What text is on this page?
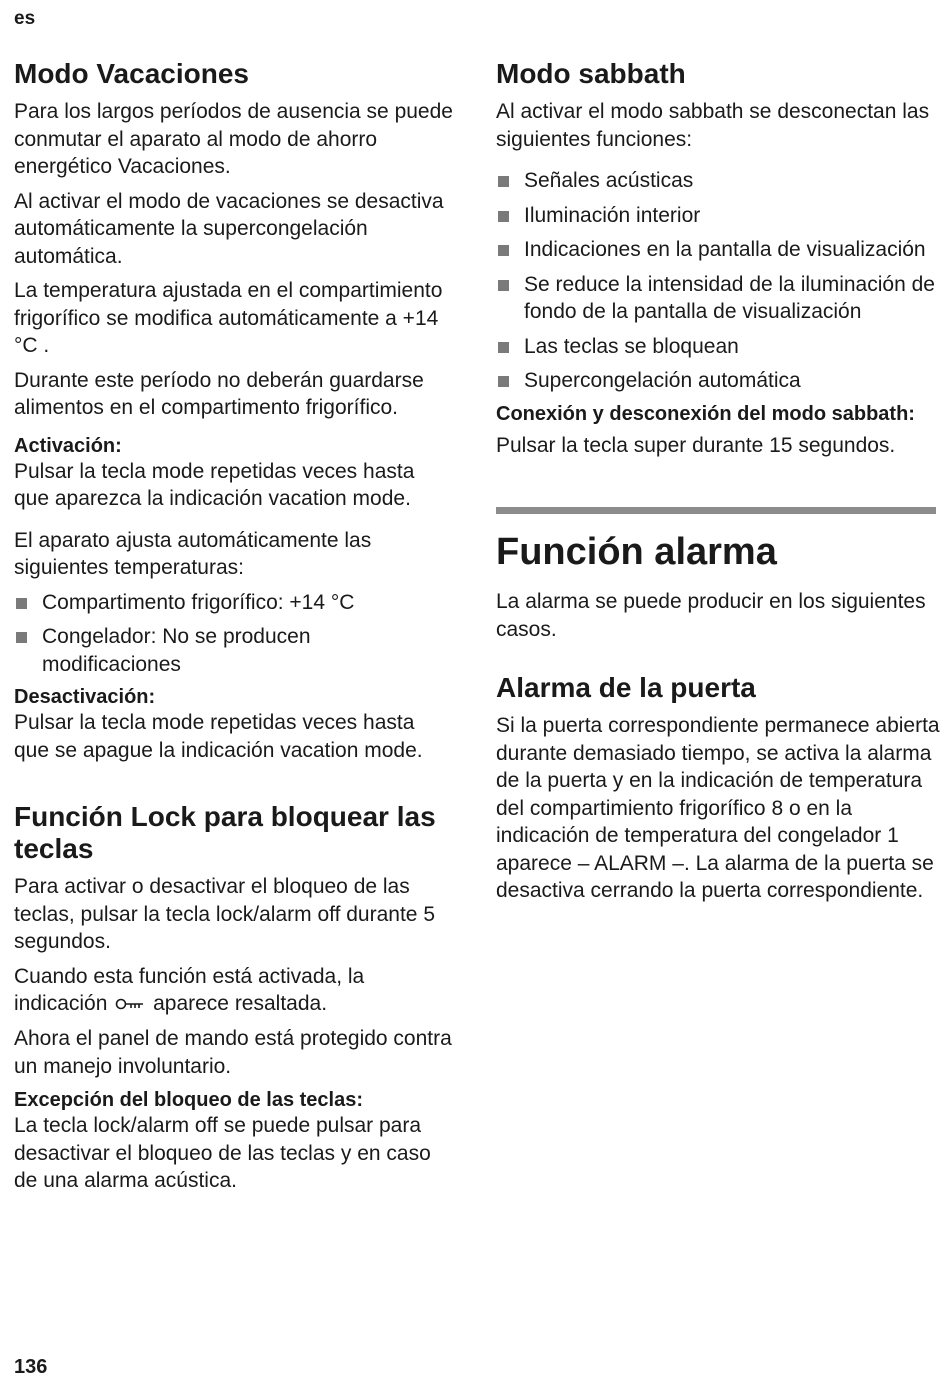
es
Modo Vacaciones

Para los largos períodos de ausencia se puede conmutar el aparato al modo de ahorro energético Vacaciones.

Al activar el modo de vacaciones se desactiva automáticamente la supercongelación automática.

La temperatura ajustada en el compartimiento frigorífico se modifica automáticamente a +14 °C .

Durante este período no deberán guardarse alimentos en el compartimento frigorífico.

Activación:

Pulsar la tecla mode repetidas veces hasta que aparezca la indicación vacation mode.

El aparato ajusta automáticamente las siguientes temperaturas:

Compartimento frigorífico: +14 °C
Congelador: No se producen modificaciones
Desactivación:

Pulsar la tecla mode repetidas veces hasta que se apague la indicación vacation mode.

Función Lock para bloquear las teclas

Para activar o desactivar el bloqueo de las teclas, pulsar la tecla lock/alarm off durante 5 segundos.

Cuando esta función está activada, la indicación aparece resaltada.

Ahora el panel de mando está protegido contra un manejo involuntario.

Excepción del bloqueo de las teclas:

La tecla lock/alarm off se puede pulsar para desactivar el bloqueo de las teclas y en caso de una alarma acústica.

Modo sabbath

Al activar el modo sabbath se desconectan las siguientes funciones:

Señales acústicas
Iluminación interior
Indicaciones en la pantalla de visualización
Se reduce la intensidad de la iluminación de fondo de la pantalla de visualización
Las teclas se bloquean
Supercongelación automática
Conexión y desconexión del modo sabbath:

Pulsar la tecla super durante 15 segundos.

Función alarma

La alarma se puede producir en los siguientes casos.

Alarma de la puerta

Si la puerta correspondiente permanece abierta durante demasiado tiempo, se activa la alarma de la puerta y en la indicación de temperatura del compartimiento frigorífico 8 o en la indicación de temperatura del congelador 1 aparece – ALARM –. La alarma de la puerta se desactiva cerrando la puerta correspondiente.

136
